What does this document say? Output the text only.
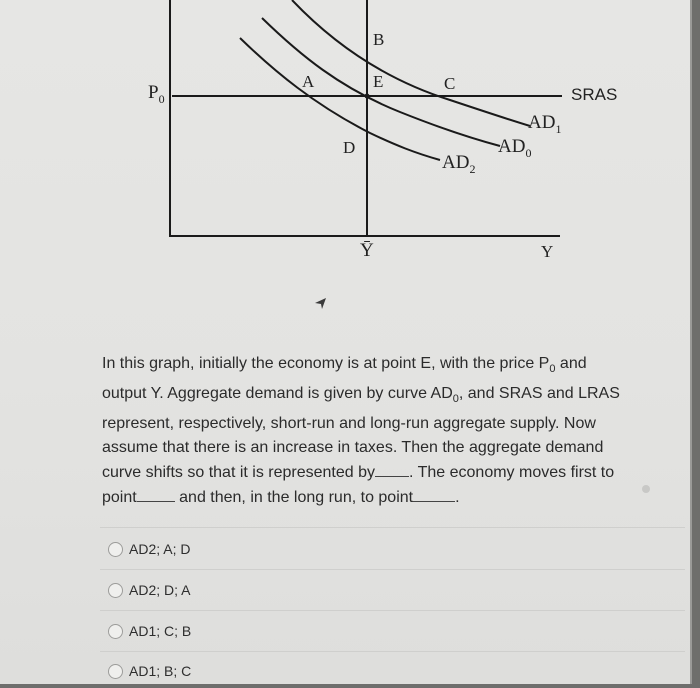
$P_0$	SRAS
$AD_1$
$AD_0$
$AD_2$
A
B
C
D
E
Ȳ	Y
In this graph, initially the economy is at point E, with the price $P_0$ and
output Y. Aggregate demand is given by curve $AD_0$, and SRAS and LRAS
represent, respectively, short-run and long-run aggregate supply. Now
assume that there is an increase in taxes. Then the aggregate demand
curve shifts so that it is represented by . The economy moves first to
point and then, in the long run, to point	.
AD2; A; D
AD2; D; A
AD1; C; B
AD1; B; C
